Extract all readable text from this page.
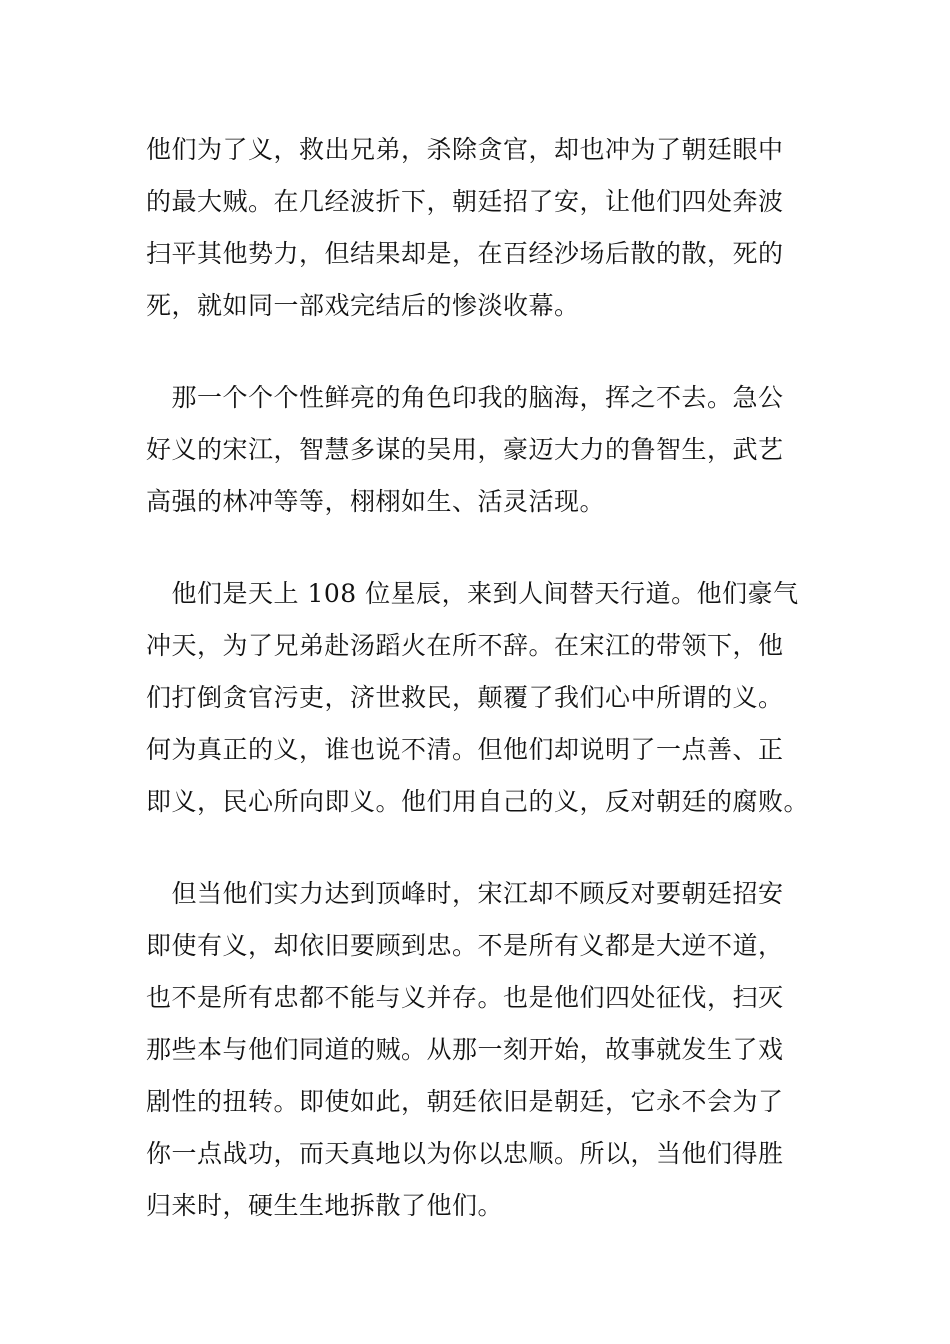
他们为了义，救出兄弟，杀除贪官，却也冲为了朝廷眼中
的最大贼。在几经波折下，朝廷招了安，让他们四处奔波
扫平其他势力，但结果却是，在百经沙场后散的散，死的
死，就如同一部戏完结后的惨淡收幕。
　那一个个个性鲜亮的角色印我的脑海，挥之不去。急公
好义的宋江，智慧多谋的吴用，豪迈大力的鲁智生，武艺
高强的林冲等等，栩栩如生、活灵活现。
　他们是天上 108 位星辰，来到人间替天行道。他们豪气
冲天，为了兄弟赴汤蹈火在所不辞。在宋江的带领下，他
们打倒贪官污吏，济世救民，颠覆了我们心中所谓的义。
何为真正的义，谁也说不清。但他们却说明了一点善、正
即义，民心所向即义。他们用自己的义，反对朝廷的腐败。
　但当他们实力达到顶峰时，宋江却不顾反对要朝廷招安
即使有义，却依旧要顾到忠。不是所有义都是大逆不道，
也不是所有忠都不能与义并存。也是他们四处征伐，扫灭
那些本与他们同道的贼。从那一刻开始，故事就发生了戏
剧性的扭转。即使如此，朝廷依旧是朝廷，它永不会为了
你一点战功，而天真地以为你以忠顺。所以，当他们得胜
归来时，硬生生地拆散了他们。
